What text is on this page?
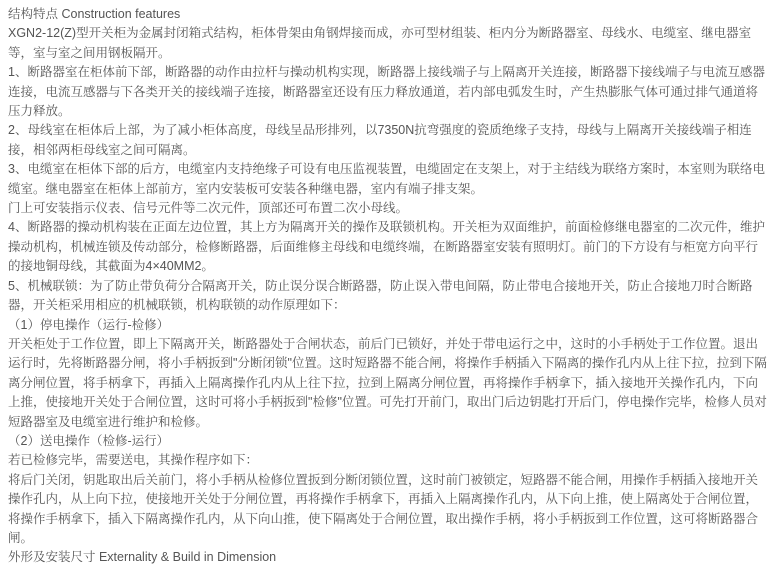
结构特点 Construction features

XGN2-12(Z)型开关柜为金属封闭箱式结构，柜体骨架由角钢焊接而成，亦可型材组装、柜内分为断路器室、母线水、电缆室、继电器室等，室与室之间用钢板隔开。

1、断路器室在柜体前下部，断路器的动作由拉杆与操动机构实现，断路器上接线端子与上隔离开关连接，断路器下接线端子与电流互感器连接，电流互感器与下各类开关的接线端子连接，断路器室还设有压力释放通道，若内部电弧发生时，产生热膨胀气体可通过排气通道将压力释放。

2、母线室在柜体后上部，为了减小柜体高度，母线呈品形排列，以7350N抗弯强度的瓷质绝缘子支持，母线与上隔离开关接线端子相连接，相邻两柜母线室之间可隔离。

3、电缆室在柜体下部的后方，电缆室内支持绝缘子可设有电压监视装置，电缆固定在支架上，对于主结线为联络方案时，本室则为联络电缆室。继电器室在柜体上部前方，室内安装板可安装各种继电器，室内有端子排支架。

门上可安装指示仪表、信号元件等二次元件，顶部还可布置二次小母线。

4、断路器的操动机构装在正面左边位置，其上方为隔离开关的操作及联锁机构。开关柜为双面维护，前面检修继电器室的二次元件，维护操动机构，机械连锁及传动部分，检修断路器，后面维修主母线和电缆终端，在断路器室安装有照明灯。前门的下方设有与柜宽方向平行的接地铜母线，其截面为4×40MM2。

5、机械联锁：为了防止带负荷分合隔离开关，防止误分误合断路器，防止误入带电间隔，防止带电合接地开关，防止合接地刀时合断路器，开关柜采用相应的机械联锁，机构联锁的动作原理如下：

（1）停电操作（运行-检修）

开关柜处于工作位置，即上下隔离开关，断路器处于合闸状态，前后门已锁好，并处于带电运行之中，这时的小手柄处于工作位置。退出运行时，先将断路器分闸，将小手柄扳到"分断闭锁"位置。这时短路器不能合闸，将操作手柄插入下隔离的操作孔内从上往下拉，拉到下隔离分闸位置，将手柄拿下，再插入上隔离操作孔内从上往下拉，拉到上隔离分闸位置，再将操作手柄拿下，插入接地开关操作孔内，下向上推，使接地开关处于合闸位置，这时可将小手柄扳到"检修"位置。可先打开前门，取出门后边钥匙打开后门，停电操作完毕，检修人员对短路器室及电缆室进行维护和检修。

（2）送电操作（检修-运行）

若已检修完毕，需要送电，其操作程序如下：

将后门关闭，钥匙取出后关前门，将小手柄从检修位置扳到分断闭锁位置，这时前门被锁定，短路器不能合闸，用操作手柄插入接地开关操作孔内，从上向下拉，使接地开关处于分闸位置，再将操作手柄拿下，再插入上隔离操作孔内，从下向上推，使上隔离处于合闸位置，将操作手柄拿下，插入下隔离操作孔内，从下向山推，使下隔离处于合闸位置，取出操作手柄，将小手柄扳到工作位置，这可将断路器合闸。

外形及安装尺寸 Externality & Build in Dimension
